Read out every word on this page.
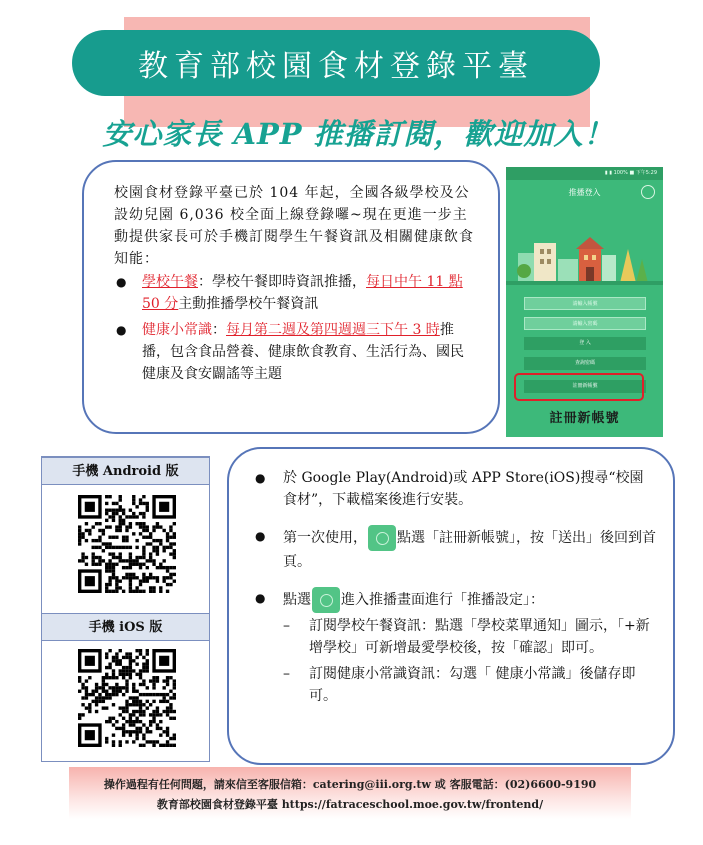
教育部校園食材登錄平臺
安心家長 APP 推播訂閱，歡迎加入！

校園食材登錄平臺已於 104 年起，全國各級學校及公設幼兒園 6,036 校全面上線登錄囉~現在更進一步主動提供家長可於手機訂閱學生午餐資訊及相關健康飲食知能：

● 學校午餐：學校午餐即時資訊推播，每日中午 11 點 50 分主動推播學校午餐資訊
● 健康小常識：每月第二週及第四週週三下午 3 時推播，包含食品營養、健康飲食教育、生活行為、國民健康及食安闢謠等主題
▮ ▮ 100% ■ 下午5:29
推播登入
請輸入帳號
請輸入密碼
登 入
查詢密碼
註冊新帳號
註冊新帳號
手機 Android 版
手機 iOS 版
● 於 Google Play(Android)或 APP Store(iOS)搜尋“校園食材”，下載檔案後進行安裝。
● 第一次使用， 點選「註冊新帳號」，按「送出」後回到首頁。
● 點選 進入推播畫面進行「推播設定」：
– 訂閱學校午餐資訊：點選「學校菜單通知」圖示，「+新增學校」可新增最愛學校後，按「確認」即可。
– 訂閱健康小常識資訊：勾選「 健康小常識」後儲存即可。
操作過程有任何問題，請來信至客服信箱：catering@iii.org.tw 或 客服電話：(02)6600-9190
教育部校園食材登錄平臺 https://fatraceschool.moe.gov.tw/frontend/
